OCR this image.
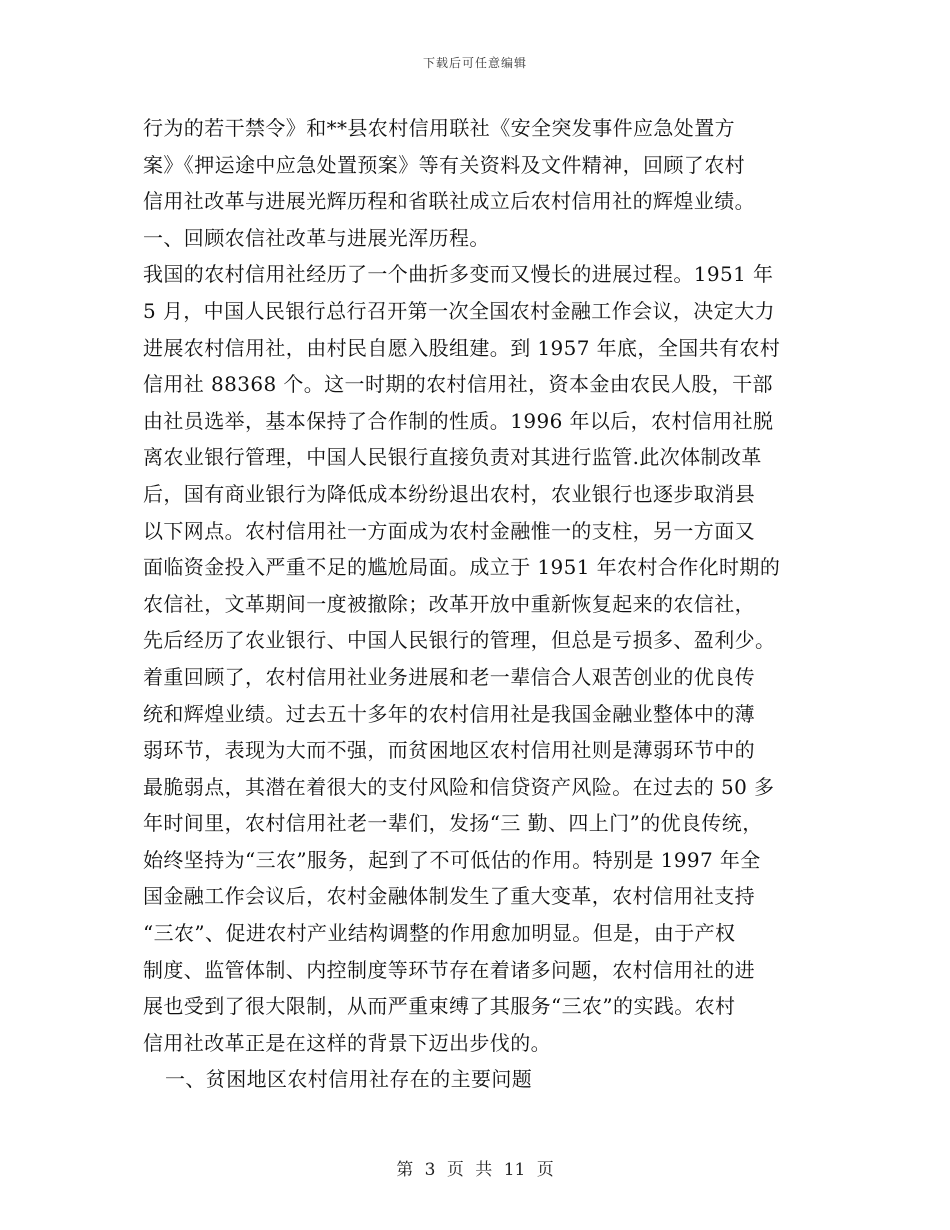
下载后可任意编辑
行为的若干禁令》和**县农村信用联社《安全突发事件应急处置方
案》《押运途中应急处置预案》等有关资料及文件精神，回顾了农村
信用社改革与进展光辉历程和省联社成立后农村信用社的辉煌业绩。
一、回顾农信社改革与进展光浑历程。
我国的农村信用社经历了一个曲折多变而又慢长的进展过程。1951 年
5 月，中国人民银行总行召开第一次全国农村金融工作会议，决定大力
进展农村信用社，由村民自愿入股组建。到 1957 年底，全国共有农村
信用社 88368 个。这一时期的农村信用社，资本金由农民人股，干部
由社员选举，基本保持了合作制的性质。1996 年以后，农村信用社脱
离农业银行管理，中国人民银行直接负责对其进行监管.此次体制改革
后，国有商业银行为降低成本纷纷退出农村，农业银行也逐步取消县
以下网点。农村信用社一方面成为农村金融惟一的支柱，另一方面又
面临资金投入严重不足的尴尬局面。成立于 1951 年农村合作化时期的
农信社，文革期间一度被撤除；改革开放中重新恢复起来的农信社，
先后经历了农业银行、中国人民银行的管理，但总是亏损多、盈利少。
着重回顾了，农村信用社业务进展和老一辈信合人艰苦创业的优良传
统和辉煌业绩。过去五十多年的农村信用社是我国金融业整体中的薄
弱环节，表现为大而不强，而贫困地区农村信用社则是薄弱环节中的
最脆弱点，其潜在着很大的支付风险和信贷资产风险。在过去的 50 多
年时间里，农村信用社老一辈们，发扬“三 勤、四上门”的优良传统，
始终坚持为“三农”服务，起到了不可低估的作用。特别是 1997 年全
国金融工作会议后，农村金融体制发生了重大变革，农村信用社支持
“三农”、促进农村产业结构调整的作用愈加明显。但是，由于产权
制度、监管体制、内控制度等环节存在着诸多问题，农村信用社的进
展也受到了很大限制，从而严重束缚了其服务“三农”的实践。农村
信用社改革正是在这样的背景下迈出步伐的。
一、贫困地区农村信用社存在的主要问题
第 3 页 共 11 页
